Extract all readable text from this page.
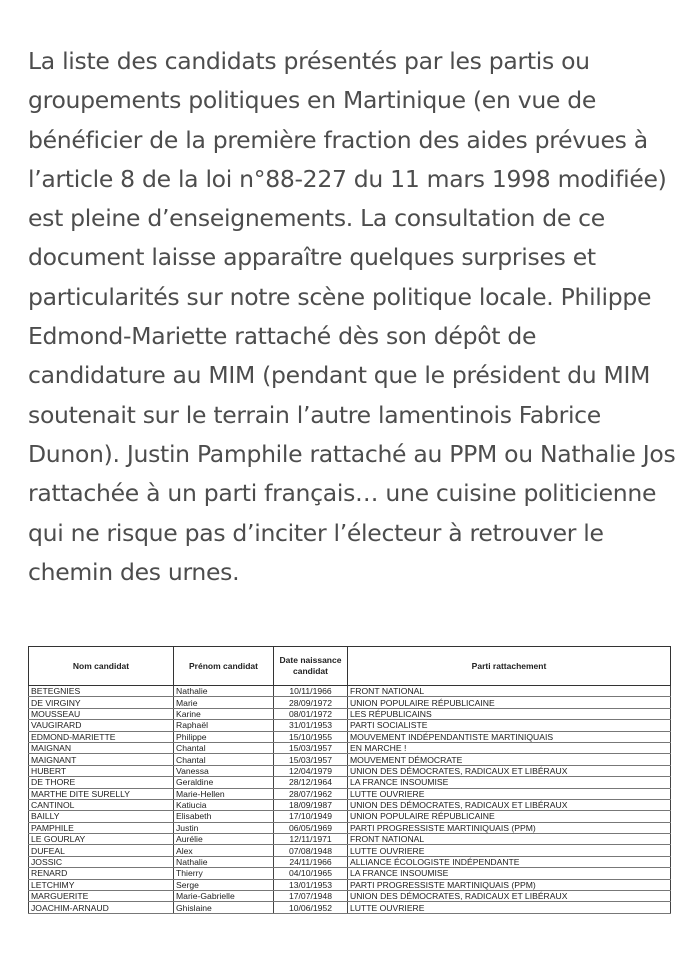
La liste des candidats présentés par les partis ou groupements politiques en Martinique (en vue de bénéficier de la première fraction des aides prévues à l’article 8 de la loi n°88-227 du 11 mars 1998 modifiée) est pleine d’enseignements. La consultation de ce document laisse apparaître quelques surprises et particularités sur notre scène politique locale. Philippe Edmond-Mariette rattaché dès son dépôt de candidature au MIM (pendant que le président du MIM soutenait sur le terrain l’autre lamentinois Fabrice Dunon). Justin Pamphile rattaché au PPM ou Nathalie Jos rattachée à un parti français… une cuisine politicienne qui ne risque pas d’inciter l’électeur à retrouver le chemin des urnes.

Nom candidat	Prénom candidat	Date naissance candidat	Parti rattachement
BETEGNIES	Nathalie	10/11/1966	FRONT NATIONAL
DE VIRGINY	Marie	28/09/1972	UNION POPULAIRE RÉPUBLICAINE
MOUSSEAU	Karine	08/01/1972	LES RÉPUBLICAINS
VAUGIRARD	Raphaël	31/01/1953	PARTI SOCIALISTE
EDMOND-MARIETTE	Philippe	15/10/1955	MOUVEMENT INDÉPENDANTISTE MARTINIQUAIS
MAIGNAN	Chantal	15/03/1957	EN MARCHE !
MAIGNANT	Chantal	15/03/1957	MOUVEMENT DÉMOCRATE
HUBERT	Vanessa	12/04/1979	UNION DES DÉMOCRATES, RADICAUX ET LIBÉRAUX
DE THORE	Geraldine	28/12/1964	LA FRANCE INSOUMISE
MARTHE DITE SURELLY	Marie-Hellen	28/07/1962	LUTTE OUVRIERE
CANTINOL	Katiucia	18/09/1987	UNION DES DÉMOCRATES, RADICAUX ET LIBÉRAUX
BAILLY	Elisabeth	17/10/1949	UNION POPULAIRE RÉPUBLICAINE
PAMPHILE	Justin	06/05/1969	PARTI PROGRESSISTE MARTINIQUAIS (PPM)
LE GOURLAY	Aurélie	12/11/1971	FRONT NATIONAL
DUFEAL	Alex	07/08/1948	LUTTE OUVRIERE
JOSSIC	Nathalie	24/11/1966	ALLIANCE ÉCOLOGISTE INDÉPENDANTE
RENARD	Thierry	04/10/1965	LA FRANCE INSOUMISE
LETCHIMY	Serge	13/01/1953	PARTI PROGRESSISTE MARTINIQUAIS (PPM)
MARGUERITE	Marie-Gabrielle	17/07/1948	UNION DES DÉMOCRATES, RADICAUX ET LIBÉRAUX
JOACHIM-ARNAUD	Ghislaine	10/06/1952	LUTTE OUVRIERE
